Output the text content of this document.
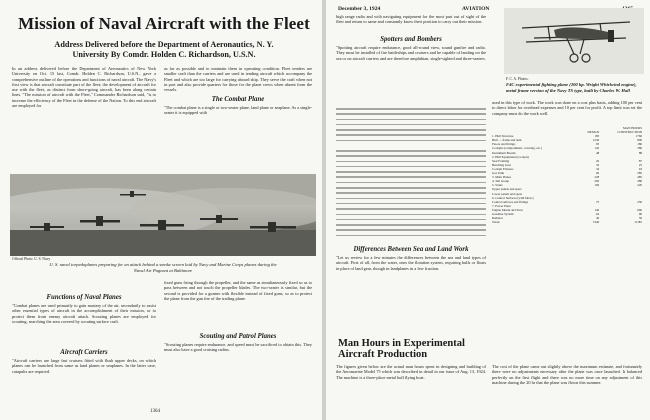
Mission of Naval Aircraft with the Fleet
Address Delivered before the Department of Aeronautics, N. Y.
University By Comdr. Holden C. Richardson, U.S.N.
In an address delivered before the Department of Aeronautics of New York University on Oct. 15 last, Comdr. Holden C. Richardson, U.S.N., gave a comprehensive outline of the operations and functions of naval aircraft. The Navy's first view is that aircraft constitute part of the fleet; the development of aircraft for use with the fleet, as distinct from shore-going aircraft, has been along certain lines. "The mission of aircraft with the Fleet," Commander Richardson said, "is to increase the efficiency of the Fleet in the defense of the Nation. To this end aircraft are employed for
as far as possible and to maintain them in operating condition. Fleet tenders are smaller craft than the carriers and are used in tending aircraft which accompany the Fleet and which are too large for carrying aboard ship. They serve the craft when not in port and also provide quarters for those for the plane crews when absent from the vessels.
The Combat Plane
"The combat plane is a single or two-seater plane, land plane or seaplane. As a single-seater it is equipped with
Official Photo. U. S. Navy
U. S. naval torpedoplanes preparing for an attack behind a smoke screen laid by Navy and Marine Corps planes during the
Naval Air Pageant at Baltimore
Functions of Naval Planes
"Combat planes are used primarily to gain mastery of the air, secondarily to assist other essential types of aircraft in the accomplishment of their mission, or to protect them from enemy aircraft attack. Scouting planes are employed for scouting, searching the area covered by scouting surface craft.
Aircraft Carriers
"Aircraft carriers are large fast cruisers fitted with flush upper decks, on which planes can be launched from same as land planes or seaplanes. In the latter case, catapults are required.
fixed guns firing through the propeller, and the same as simultaneously fixed so as to pass between and not touch the propeller blades. The two-seater is similar, but the second is provided for a gunner with flexible instead of fixed guns, so as to protect the plane from the gun fire of the trailing plane.
Scouting and Patrol Planes
"Scouting planes require endurance, and speed must be sacrificed to obtain this. They must also have a good cruising radius.
1364
December 3, 1924	AVIATION
high range radio and with navigating equipment for the most part out of sight of the fleet and return to same and constantly know their position to carry out their mission.
Spotters and Bombers
"Spotting aircraft require endurance, good all-round view, sound gunfire and radio. They must be installed of fire battleships and cruisers and be capable of landing on the sea or on aircraft carriers and are therefore amphibian, single-sighted and three-seaters.
Differences Between Sea and Land Work
"Let us review for a few minutes the differences between the sea and land types of aircraft. First of all, from the water, ones the flotation system, requiring hulls or floats in place of land gear, though in landplanes in a few fraction.
Man Hours in Experimental Aircraft Production
The figures given below are the actual man hours spent in designing and building of the Aeromarine Model 75 which was described in detail in our issue of Aug. 13, 1924. The machine is a three-place metal hull flying boat.
F. C. A. Photos.
F4C experimental fighting plane (200 hp. Wright Whirlwind engine), metal frame version of the Navy TS type, built by Charles W. Hall
used in this type of work. The work was done on a cost plus basis, adding 100 per cent to direct labor for overhead expenses and 10 per cent for profit. A top limit was set the company must do the work well.
	MAN HOURS	
	DESIGN	CONSTRUCTION
1. Hull Structure	185	1760
Hull — frame and skin	1230	800
Floors and fittings	95	180
Cockpits (compartment, covering, etc.)	145	580
Instrument Boards	48	88
2. Hull Equipment (Cockpit)		
Seat Framing	20	87
Beaching Gear	32	25
Cockpit Fixtures	34	63
Gas Tank	60	285
3. Main Planes	228	485
4. Tail Group	200	280
5. Struts	100	220
Upper panels and spars		
Lower panels and spars		
6. Control Surfaces (with fabric)		
Control surfaces and fittings	75	250
7. Power Plant		
Engine Mount and Strut	140	660
Gasoline System	64	90
Radiator	40	50
Totals	7440	11185
The cost of the plane came out slightly above the maximum estimate, and fortunately there were no adjustments necessary after the plane was once launched. It balanced perfectly on the first flight and there was no more time on any adjustment of this machine during the 20 hr that the plane was flown this summer.
